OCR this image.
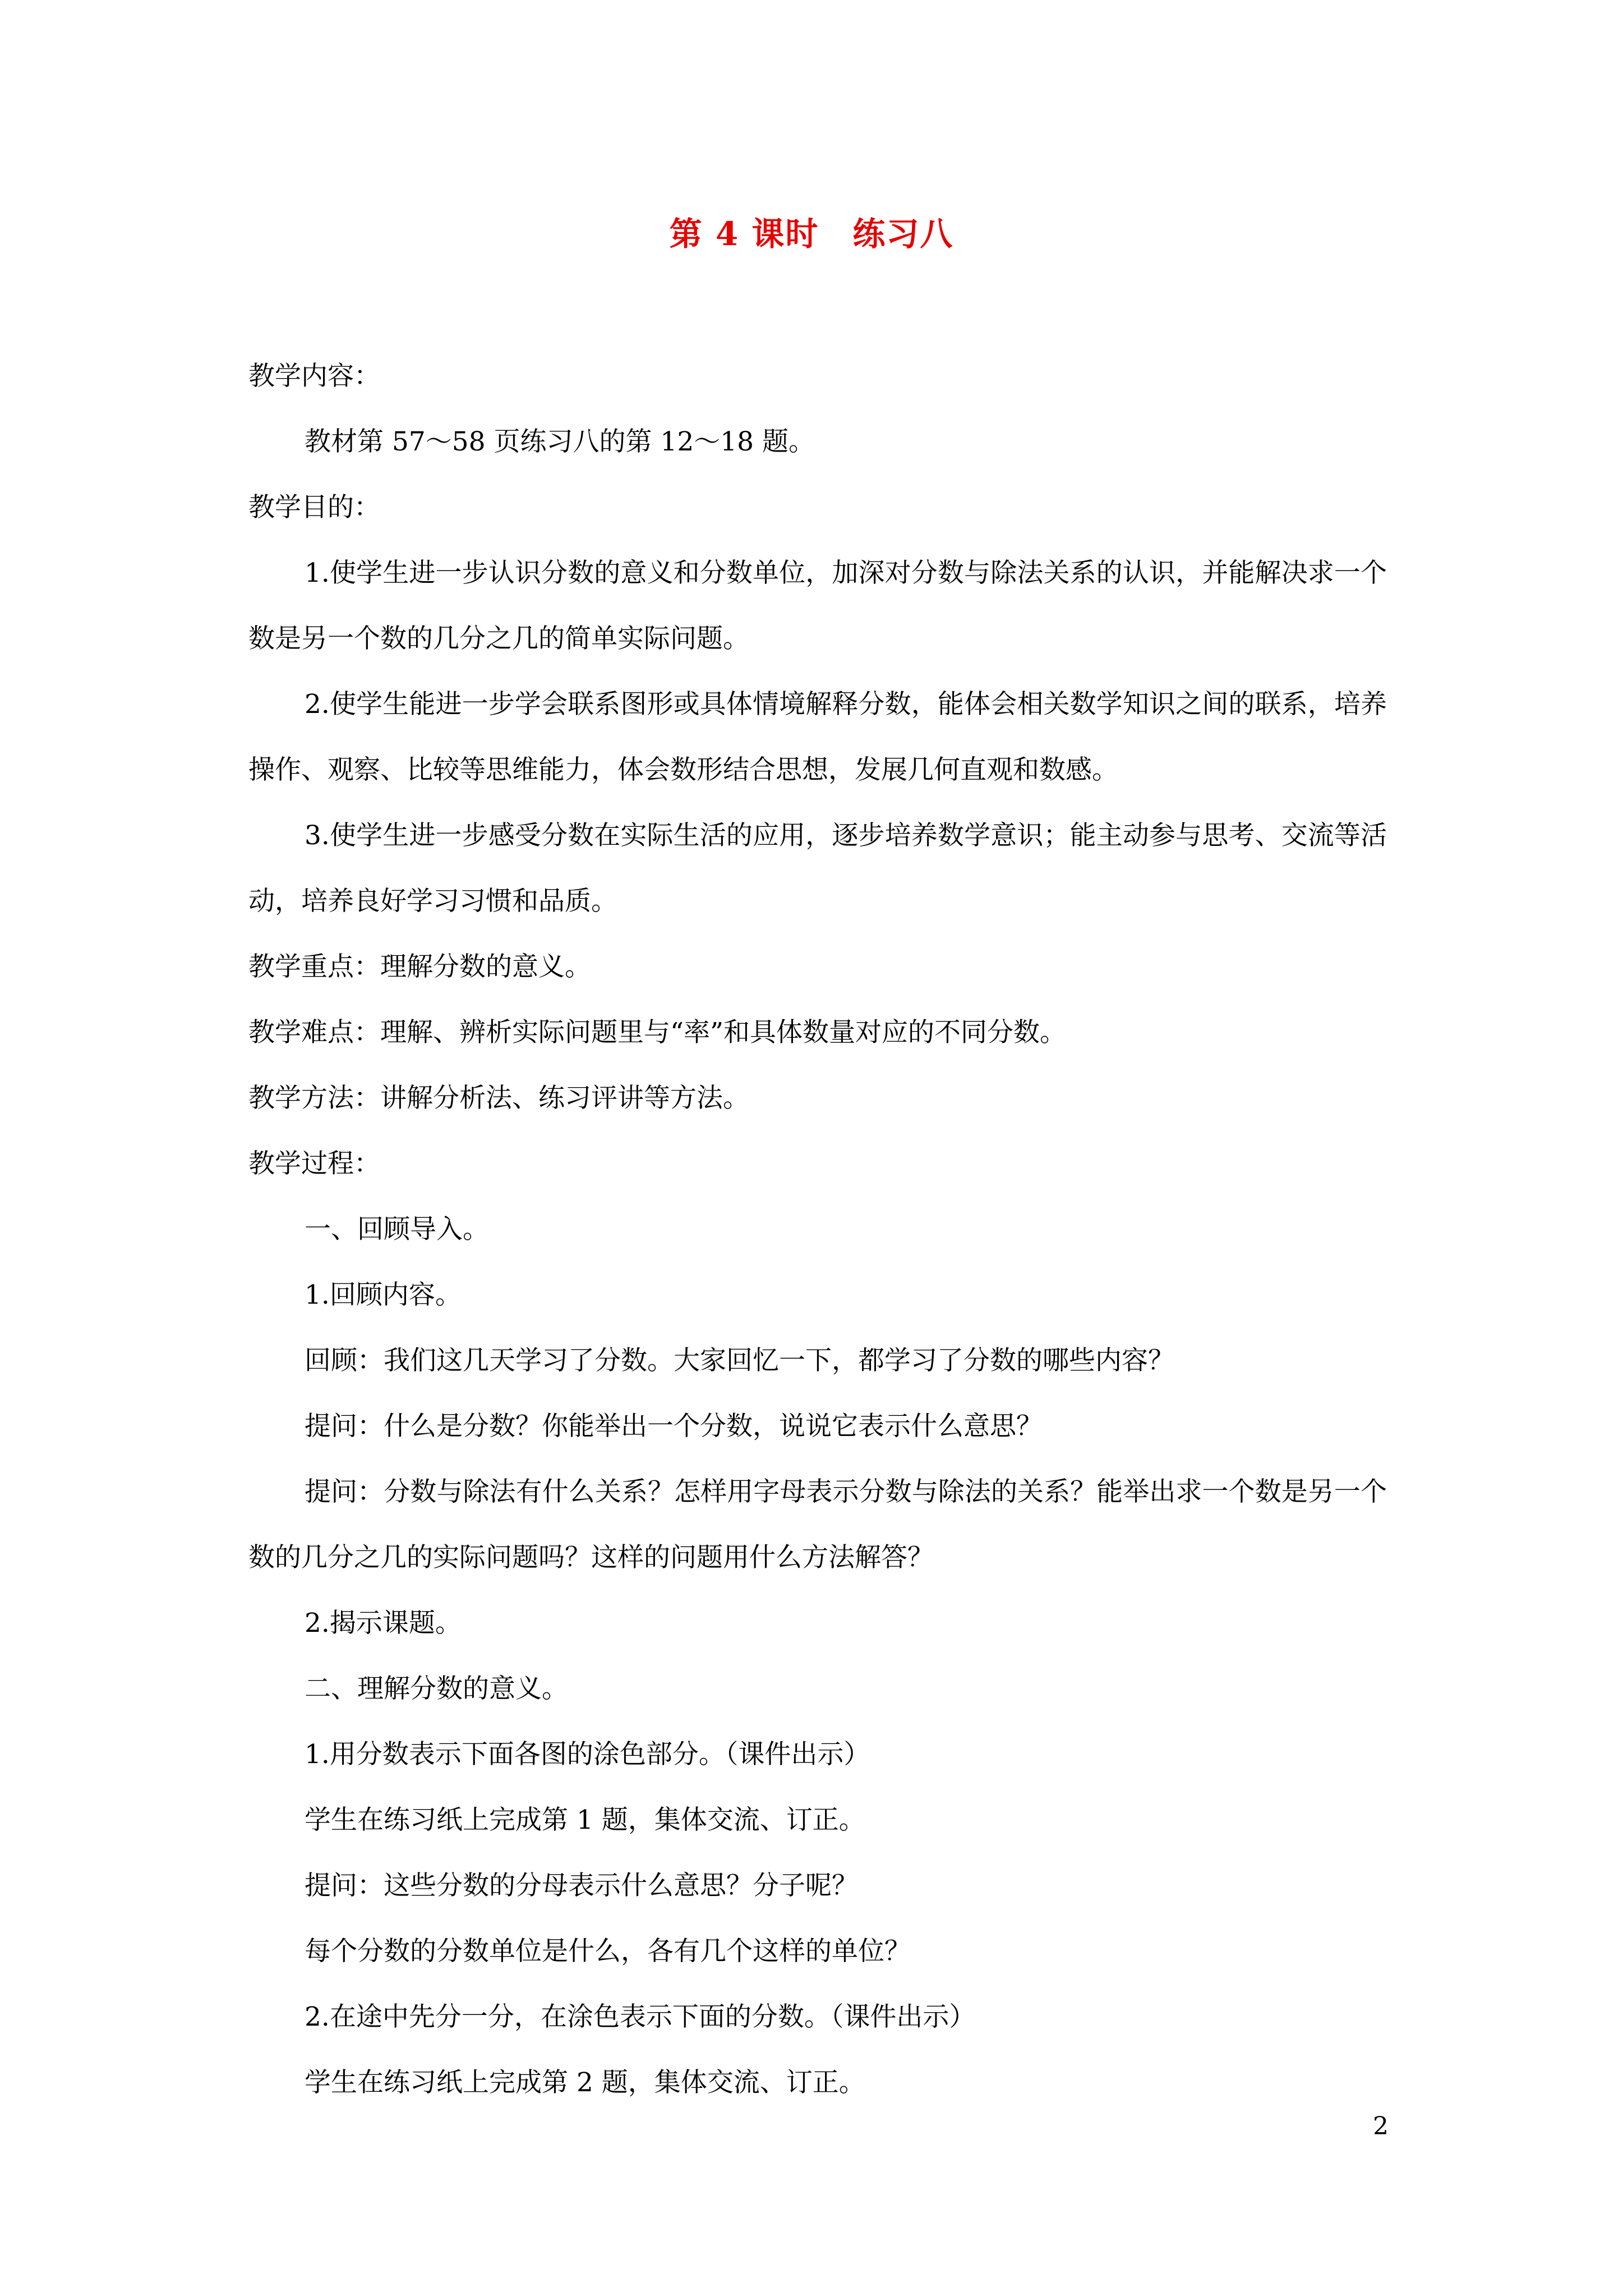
第 4 课时　练习八
教学内容：
教材第 57～58 页练习八的第 12～18 题。
教学目的：
1.使学生进一步认识分数的意义和分数单位，加深对分数与除法关系的认识，并能解决求一个数是另一个数的几分之几的简单实际问题。
2.使学生能进一步学会联系图形或具体情境解释分数，能体会相关数学知识之间的联系，培养操作、观察、比较等思维能力，体会数形结合思想，发展几何直观和数感。
3.使学生进一步感受分数在实际生活的应用，逐步培养数学意识；能主动参与思考、交流等活动，培养良好学习习惯和品质。
教学重点：理解分数的意义。
教学难点：理解、辨析实际问题里与“率”和具体数量对应的不同分数。
教学方法：讲解分析法、练习评讲等方法。
教学过程：
一、回顾导入。
1.回顾内容。
回顾：我们这几天学习了分数。大家回忆一下，都学习了分数的哪些内容？
提问：什么是分数？你能举出一个分数，说说它表示什么意思？
提问：分数与除法有什么关系？怎样用字母表示分数与除法的关系？能举出求一个数是另一个数的几分之几的实际问题吗？这样的问题用什么方法解答？
2.揭示课题。
二、理解分数的意义。
1.用分数表示下面各图的涂色部分。（课件出示）
学生在练习纸上完成第 1 题，集体交流、订正。
提问：这些分数的分母表示什么意思？分子呢？
每个分数的分数单位是什么，各有几个这样的单位？
2.在途中先分一分，在涂色表示下面的分数。（课件出示）
学生在练习纸上完成第 2 题，集体交流、订正。
2
